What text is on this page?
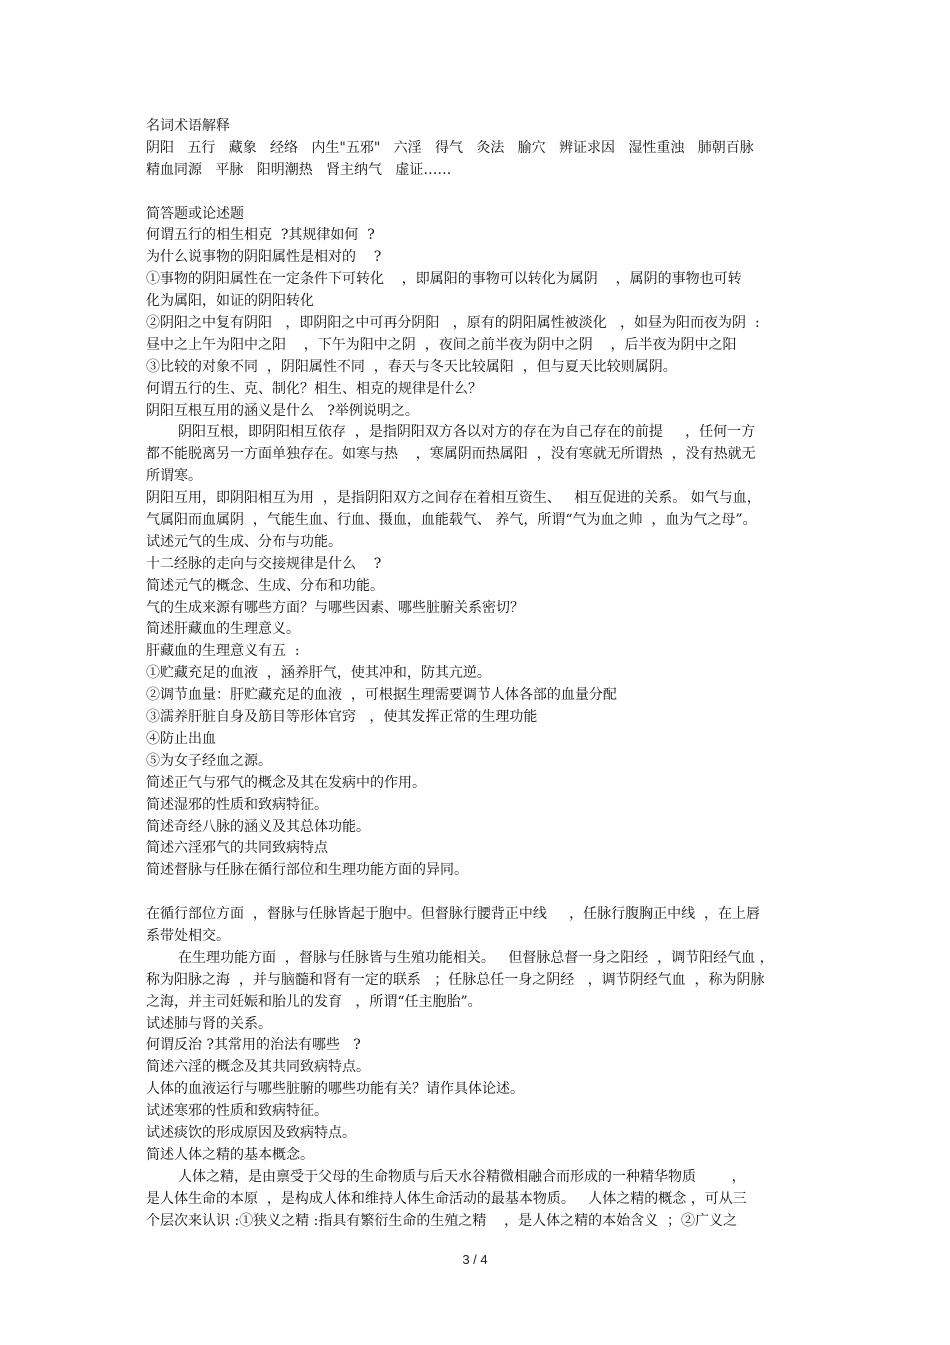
名词术语解释
阴阳   五行   藏象   经络   内生"五邪"   六淫   得气   灸法   腧穴   辨证求因   湿性重浊   肺朝百脉
精血同源   平脉   阳明潮热   肾主纳气   虚证……
简答题或论述题
何谓五行的相生相克  ?其规律如何  ?
为什么说事物的阴阳属性是相对的    ?
①事物的阴阳属性在一定条件下可转化    ，即属阳的事物可以转化为属阴    ，属阴的事物也可转
化为属阳，如证的阴阳转化
②阴阳之中复有阴阳   ，即阴阳之中可再分阴阳   ，原有的阴阳属性被淡化   ，如昼为阳而夜为阴  :
昼中之上午为阳中之阳    ，下午为阳中之阴  ，夜间之前半夜为阴中之阴    ，后半夜为阴中之阳
③比较的对象不同  ，阴阳属性不同  ，春天与冬天比较属阳  ，但与夏天比较则属阴。
何谓五行的生、克、制化？相生、相克的规律是什么？
阴阳互根互用的涵义是什么   ?举例说明之。
阴阳互根，即阴阳相互依存  ，是指阴阳双方各以对方的存在为自己存在的前提     ，任何一方
都不能脱离另一方面单独存在。如寒与热    ，寒属阴而热属阳  ，没有寒就无所谓热  ，没有热就无
所谓寒。
阴阳互用，即阴阳相互为用  ，是指阴阳双方之间存在着相互资生、   相互促进的关系。 如气与血，
气属阳而血属阴  ，气能生血、行血、摄血，血能载气、 养气，所谓“气为血之帅  ，血为气之母”。
试述元气的生成、分布与功能。
十二经脉的走向与交接规律是什么    ?
简述元气的概念、生成、分布和功能。
气的生成来源有哪些方面？与哪些因素、哪些脏腑关系密切？
简述肝藏血的生理意义。
肝藏血的生理意义有五  :
①贮藏充足的血液  ，涵养肝气，使其冲和，防其亢逆。
②调节血量：肝贮藏充足的血液  ，可根据生理需要调节人体各部的血量分配
③濡养肝脏自身及筋目等形体官窍   ，使其发挥正常的生理功能
④防止出血
⑤为女子经血之源。
简述正气与邪气的概念及其在发病中的作用。
简述湿邪的性质和致病特征。
简述奇经八脉的涵义及其总体功能。
简述六淫邪气的共同致病特点
简述督脉与任脉在循行部位和生理功能方面的异同。
在循行部位方面  ，督脉与任脉皆起于胞中。但督脉行腰背正中线     ，任脉行腹胸正中线  ，在上唇
系带处相交。
在生理功能方面  ，督脉与任脉皆与生殖功能相关。   但督脉总督一身之阳经  ，调节阳经气血 ，
称为阳脉之海  ，并与脑髓和肾有一定的联系   ；任脉总任一身之阴经   ，调节阴经气血  ，称为阴脉
之海，并主司妊娠和胎儿的发育   ，所谓“任主胞胎”。
试述肺与肾的关系。
何谓反治 ?其常用的治法有哪些   ?
简述六淫的概念及其共同致病特点。
人体的血液运行与哪些脏腑的哪些功能有关？请作具体论述。
试述寒邪的性质和致病特征。
试述痰饮的形成原因及致病特点。
简述人体之精的基本概念。
人体之精，是由禀受于父母的生命物质与后天水谷精微相融合而形成的一种精华物质        ，
是人体生命的本原  ，是构成人体和维持人体生命活动的最基本物质。   人体之精的概念 ，可从三
个层次来认识 :①狭义之精 :指具有繁衍生命的生殖之精    ，是人体之精的本始含义  ；②广义之
3 / 4
